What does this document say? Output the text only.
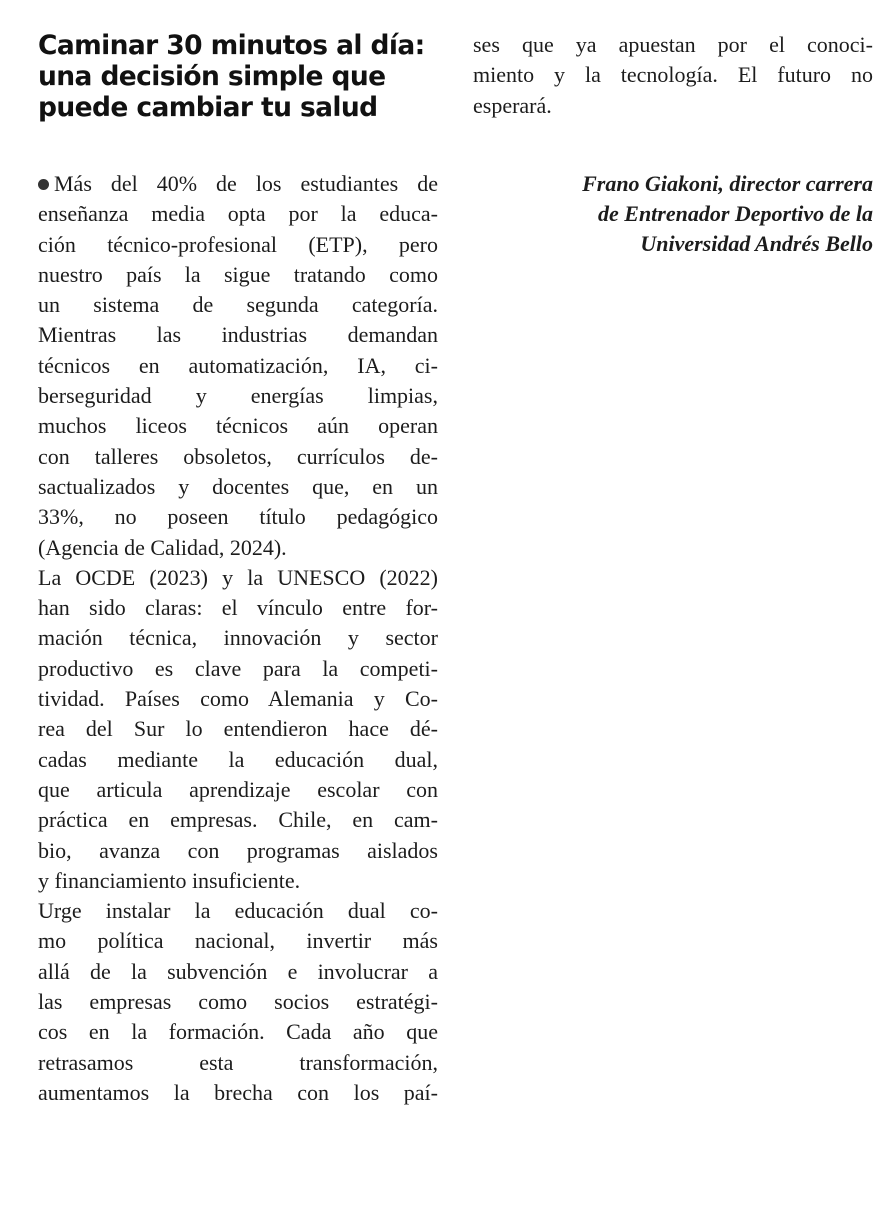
Caminar 30 minutos al día:
una decisión simple que
puede cambiar tu salud
Más del 40% de los estudiantes de
enseñanza media opta por la educa-
ción técnico-profesional (ETP), pero
nuestro país la sigue tratando como
un sistema de segunda categoría.
Mientras las industrias demandan
técnicos en automatización, IA, ci-
berseguridad y energías limpias,
muchos liceos técnicos aún operan
con talleres obsoletos, currículos de-
sactualizados y docentes que, en un
33%, no poseen título pedagógico
(Agencia de Calidad, 2024).
La OCDE (2023) y la UNESCO (2022)
han sido claras: el vínculo entre for-
mación técnica, innovación y sector
productivo es clave para la competi-
tividad. Países como Alemania y Co-
rea del Sur lo entendieron hace dé-
cadas mediante la educación dual,
que articula aprendizaje escolar con
práctica en empresas. Chile, en cam-
bio, avanza con programas aislados
y financiamiento insuficiente.
Urge instalar la educación dual co-
mo política nacional, invertir más
allá de la subvención e involucrar a
las empresas como socios estratégi-
cos en la formación. Cada año que
retrasamos esta transformación,
aumentamos la brecha con los paí-
ses que ya apuestan por el conoci-
miento y la tecnología. El futuro no
esperará.
Frano Giakoni, director carrera
de Entrenador Deportivo de la
Universidad Andrés Bello
